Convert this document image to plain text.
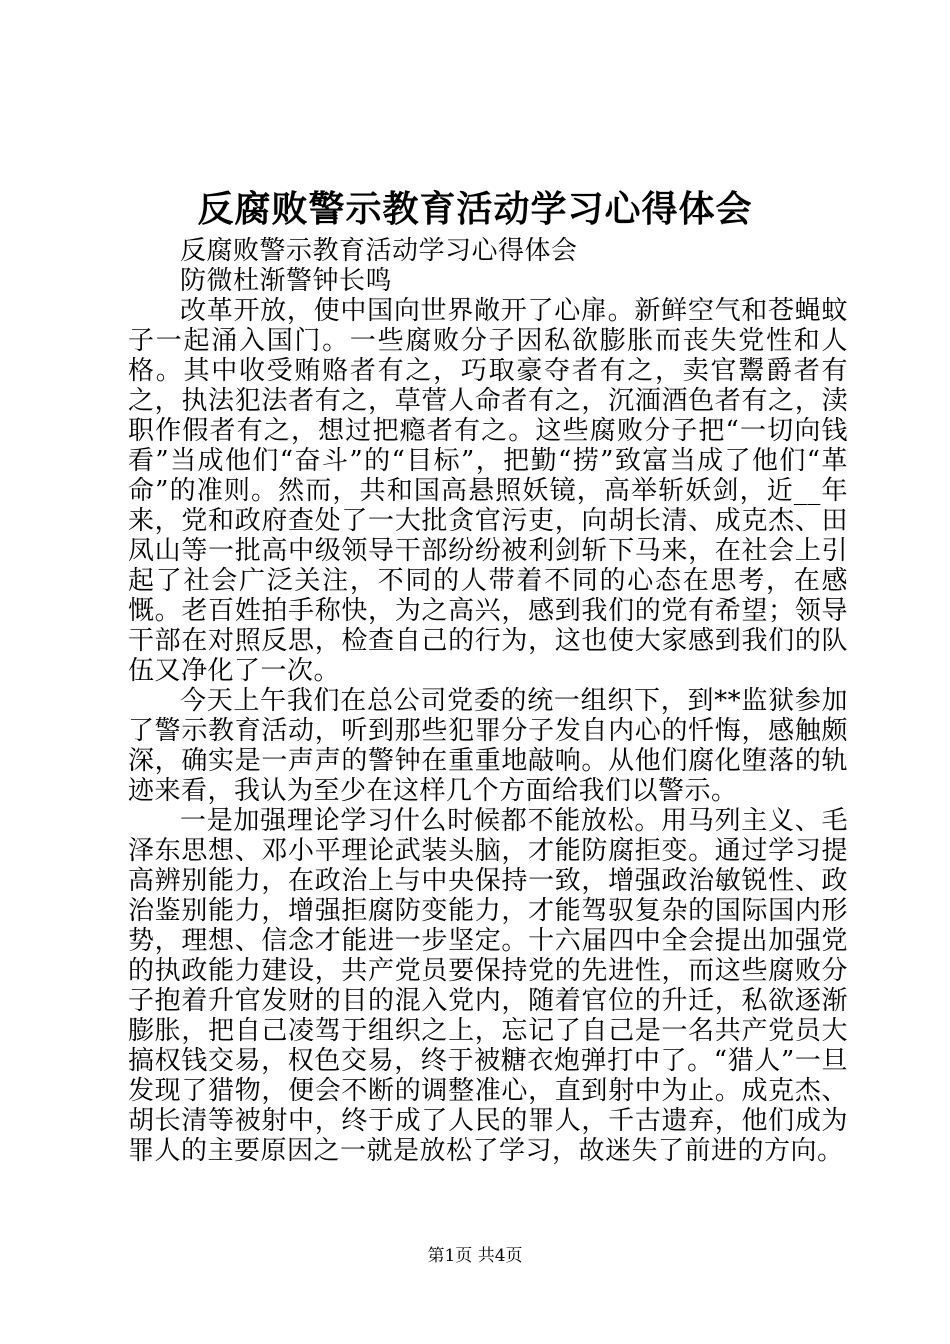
反腐败警示教育活动学习心得体会

反腐败警示教育活动学习心得体会

防微杜渐警钟长鸣

改革开放，使中国向世界敞开了心扉。新鲜空气和苍蝇蚊子一起涌入国门。一些腐败分子因私欲膨胀而丧失党性和人格。其中收受贿赂者有之，巧取豪夺者有之，卖官鬻爵者有之，执法犯法者有之，草菅人命者有之，沉湎酒色者有之，渎职作假者有之，想过把瘾者有之。这些腐败分子把“一切向钱看”当成他们“奋斗”的“目标”，把勤“捞”致富当成了他们“革命”的准则。然而，共和国高悬照妖镜，高举斩妖剑，近__年来，党和政府查处了一大批贪官污吏，向胡长清、成克杰、田凤山等一批高中级领导干部纷纷被利剑斩下马来，在社会上引起了社会广泛关注，不同的人带着不同的心态在思考，在感慨。老百姓拍手称快，为之高兴，感到我们的党有希望；领导干部在对照反思，检查自己的行为，这也使大家感到我们的队伍又净化了一次。

今天上午我们在总公司党委的统一组织下，到**监狱参加了警示教育活动，听到那些犯罪分子发自内心的忏悔，感触颇深，确实是一声声的警钟在重重地敲响。从他们腐化堕落的轨迹来看，我认为至少在这样几个方面给我们以警示。

一是加强理论学习什么时候都不能放松。用马列主义、毛泽东思想、邓小平理论武装头脑，才能防腐拒变。通过学习提高辨别能力，在政治上与中央保持一致，增强政治敏锐性、政治鉴别能力，增强拒腐防变能力，才能驾驭复杂的国际国内形势，理想、信念才能进一步坚定。十六届四中全会提出加强党的执政能力建设，共产党员要保持党的先进性，而这些腐败分子抱着升官发财的目的混入党内，随着官位的升迁，私欲逐渐膨胀，把自己凌驾于组织之上，忘记了自己是一名共产党员大搞权钱交易，权色交易，终于被糖衣炮弹打中了。“猎人”一旦发现了猎物，便会不断的调整准心，直到射中为止。成克杰、胡长清等被射中，终于成了人民的罪人，千古遗弃，他们成为罪人的主要原因之一就是放松了学习，故迷失了前进的方向。

第1页 共4页
